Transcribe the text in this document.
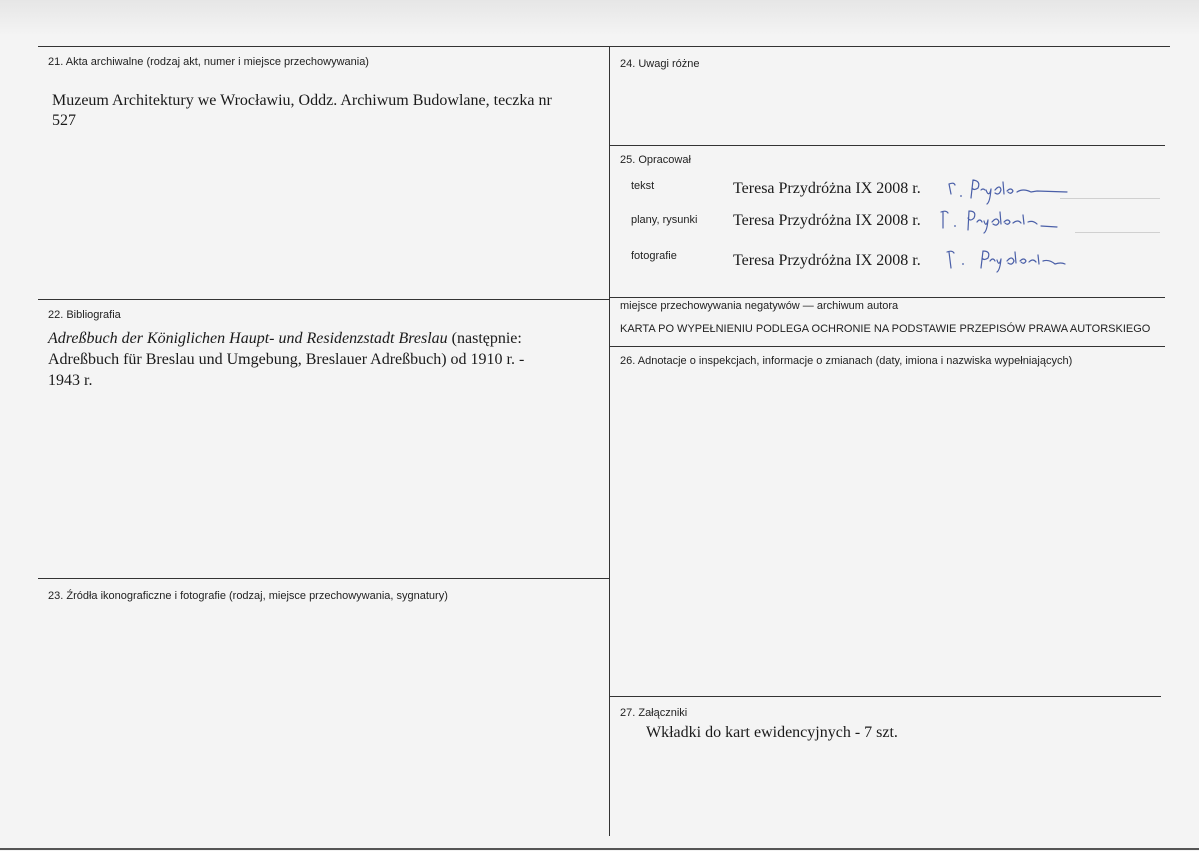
21. Akta archiwalne (rodzaj akt, numer i miejsce przechowywania)
Muzeum Architektury we Wrocławiu, Oddz. Archiwum Budowlane, teczka nr
527
22. Bibliografia
Adreßbuch der Königlichen Haupt- und Residenzstadt Breslau (następnie:
Adreßbuch für Breslau und Umgebung, Breslauer Adreßbuch) od 1910 r. -
1943 r.
23. Źródła ikonograficzne i fotografie (rodzaj, miejsce przechowywania, sygnatury)
24. Uwagi różne
25. Opracował
tekst	Teresa Przydróżna IX 2008 r.
plany, rysunki Teresa Przydróżna IX 2008 r.
fotografie	Teresa Przydróżna IX 2008 r.
miejsce przechowywania negatywów — archiwum autora
KARTA PO WYPEŁNIENIU PODLEGA OCHRONIE NA PODSTAWIE PRZEPISÓW PRAWA AUTORSKIEGO
26. Adnotacje o inspekcjach, informacje o zmianach (daty, imiona i nazwiska wypełniających)
27. Załączniki
Wkładki do kart ewidencyjnych - 7 szt.
